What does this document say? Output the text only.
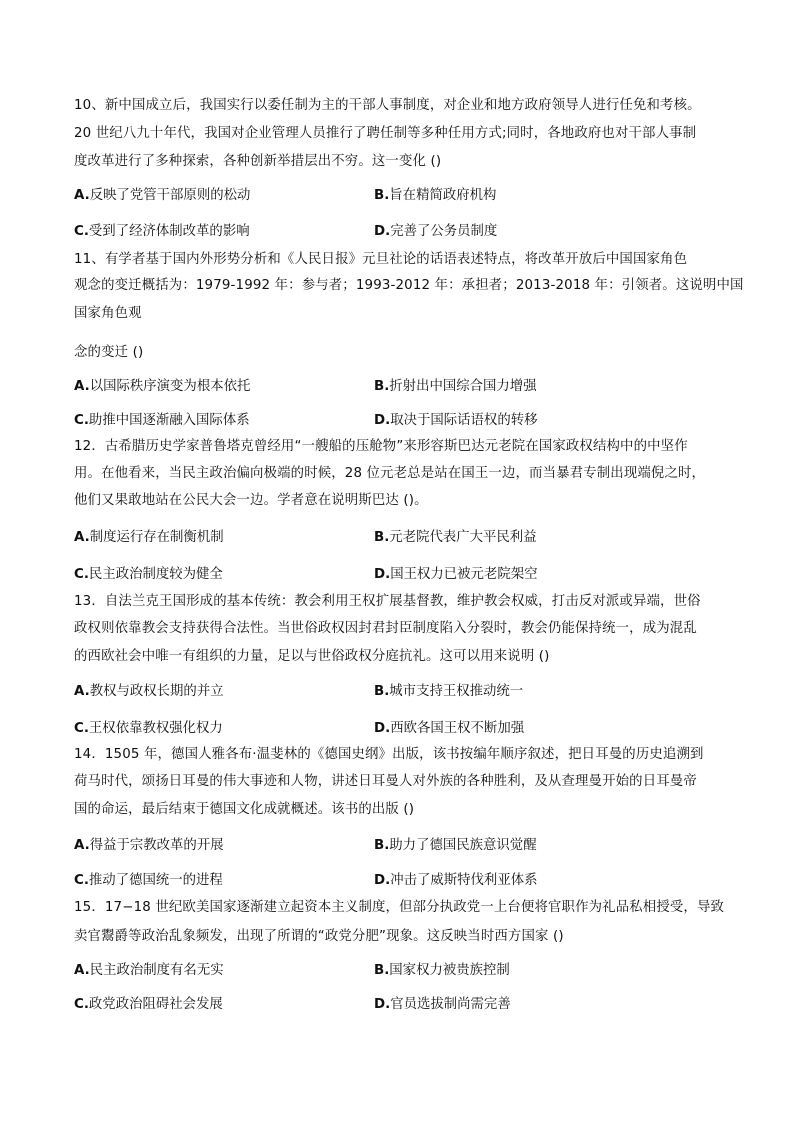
10、新中国成立后，我国实行以委任制为主的干部人事制度，对企业和地方政府领导人进行任免和考核。
20 世纪八九十年代，我国对企业管理人员推行了聘任制等多种任用方式;同时，各地政府也对干部人事制
度改革进行了多种探索，各种创新举措层出不穷。这一变化 ()
A.反映了党管干部原则的松动	B.旨在精简政府机构
C.受到了经济体制改革的影响	D.完善了公务员制度
11、有学者基于国内外形势分析和《人民日报》元旦社论的话语表述特点，将改革开放后中国国家角色
观念的变迁概括为：1979-1992 年：参与者；1993-2012 年：承担者；2013-2018 年：引领者。这说明中国
国家角色观
念的变迁 ()
A.以国际秩序演变为根本依托	B.折射出中国综合国力增强
C.助推中国逐渐融入国际体系	D.取决于国际话语权的转移
12．古希腊历史学家普鲁塔克曾经用“一艘船的压舱物”来形容斯巴达元老院在国家政权结构中的中坚作
用。在他看来，当民主政治偏向极端的时候，28 位元老总是站在国王一边，而当暴君专制出现端倪之时，
他们又果敢地站在公民大会一边。学者意在说明斯巴达 ()。
A.制度运行存在制衡机制	B.元老院代表广大平民利益
C.民主政治制度较为健全	D.国王权力已被元老院架空
13．自法兰克王国形成的基本传统：教会利用王权扩展基督教，维护教会权威，打击反对派或异端，世俗
政权则依靠教会支持获得合法性。当世俗政权因封君封臣制度陷入分裂时，教会仍能保持统一，成为混乱
的西欧社会中唯一有组织的力量，足以与世俗政权分庭抗礼。这可以用来说明 ()
A.教权与政权长期的并立	B.城市支持王权推动统一
C.王权依靠教权强化权力	D.西欧各国王权不断加强
14．1505 年，德国人雅各布·温斐林的《德国史纲》出版，该书按编年顺序叙述，把日耳曼的历史追溯到
荷马时代，颂扬日耳曼的伟大事迹和人物，讲述日耳曼人对外族的各种胜利，及从查理曼开始的日耳曼帝
国的命运，最后结束于德国文化成就概述。该书的出版 ()
A.得益于宗教改革的开展	B.助力了德国民族意识觉醒
C.推动了德国统一的进程	D.冲击了威斯特伐利亚体系
15．17−18 世纪欧美国家逐渐建立起资本主义制度，但部分执政党一上台便将官职作为礼品私相授受，导致
卖官鬻爵等政治乱象频发，出现了所谓的“政党分肥”现象。这反映当时西方国家 ()
A.民主政治制度有名无实	B.国家权力被贵族控制
C.政党政治阻碍社会发展	D.官员选拔制尚需完善
